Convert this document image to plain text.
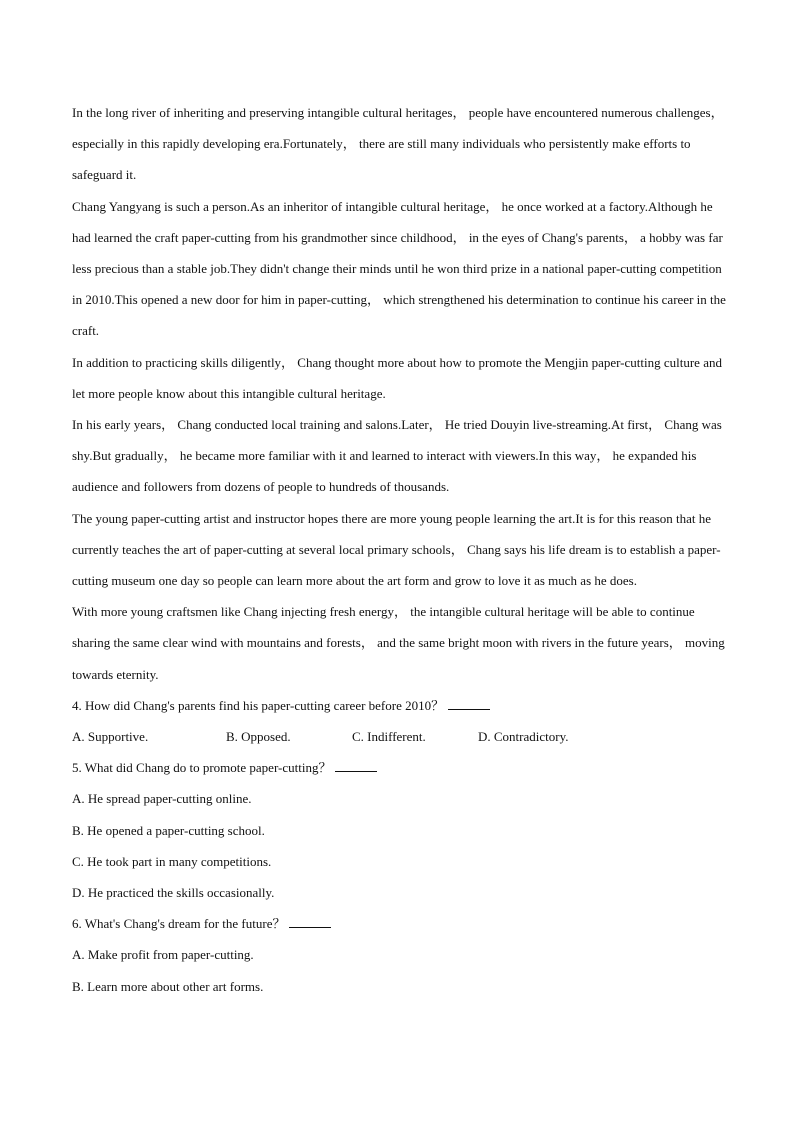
In the long river of inheriting and preserving intangible cultural heritages， people have encountered numerous challenges， especially in this rapidly developing era.Fortunately， there are still many individuals who persistently make efforts to safeguard it.

Chang Yangyang is such a person.As an inheritor of intangible cultural heritage， he once worked at a factory.Although he had learned the craft paper-cutting from his grandmother since childhood， in the eyes of Chang's parents， a hobby was far less precious than a stable job.They didn't change their minds until he won third prize in a national paper-cutting competition in 2010.This opened a new door for him in paper-cutting， which strengthened his determination to continue his career in the craft.

In addition to practicing skills diligently， Chang thought more about how to promote the Mengjin paper-cutting culture and let more people know about this intangible cultural heritage.

In his early years， Chang conducted local training and salons.Later， He tried Douyin live-streaming.At first， Chang was shy.But gradually， he became more familiar with it and learned to interact with viewers.In this way， he expanded his audience and followers from dozens of people to hundreds of thousands.

The young paper-cutting artist and instructor hopes there are more young people learning the art.It is for this reason that he currently teaches the art of paper-cutting at several local primary schools， Chang says his life dream is to establish a paper-cutting museum one day so people can learn more about the art form and grow to love it as much as he does.

With more young craftsmen like Chang injecting fresh energy， the intangible cultural heritage will be able to continue sharing the same clear wind with mountains and forests， and the same bright moon with rivers in the future years， moving towards eternity.

4. How did Chang's parents find his paper-cutting career before 2010？

A. Supportive.	B. Opposed.	C. Indifferent.	D. Contradictory.

5. What did Chang do to promote paper-cutting？

A. He spread paper-cutting online.

B. He opened a paper-cutting school.

C. He took part in many competitions.

D. He practiced the skills occasionally.

6. What's Chang's dream for the future？

A. Make profit from paper-cutting.

B. Learn more about other art forms.
